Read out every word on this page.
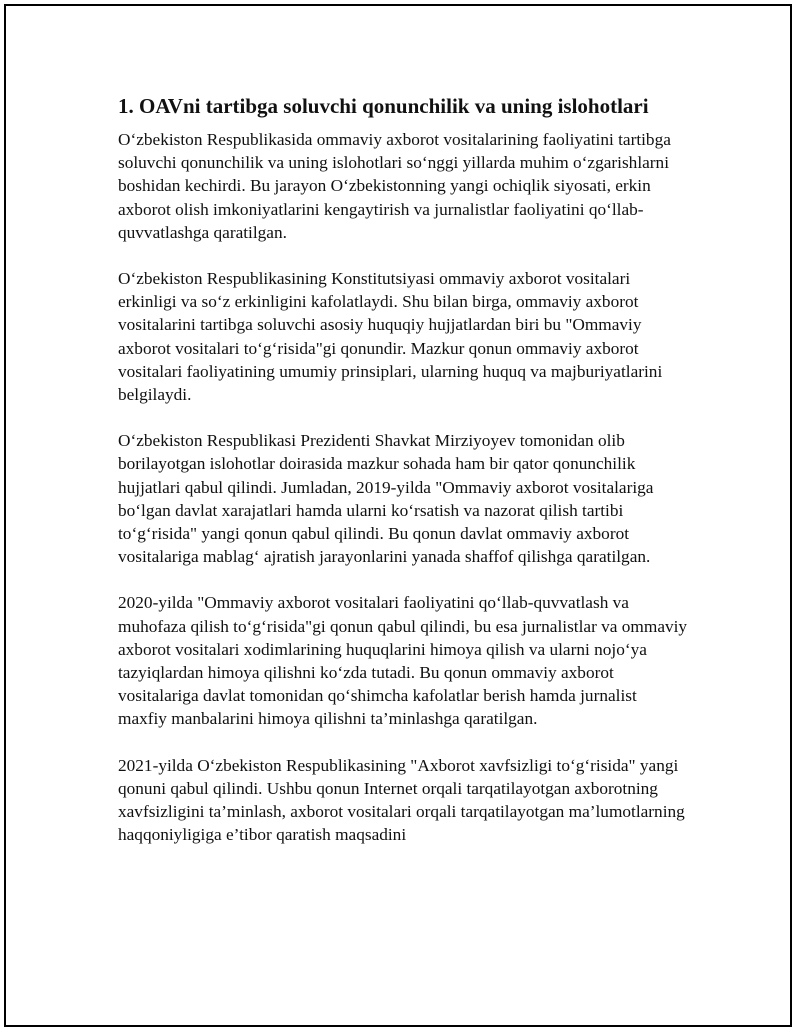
1. OAVni tartibga soluvchi qonunchilik va uning islohotlari

O‘zbekiston Respublikasida ommaviy axborot vositalarining faoliyatini tartibga soluvchi qonunchilik va uning islohotlari so‘nggi yillarda muhim o‘zgarishlarni boshidan kechirdi. Bu jarayon O‘zbekistonning yangi ochiqlik siyosati, erkin axborot olish imkoniyatlarini kengaytirish va jurnalistlar faoliyatini qo‘llab-quvvatlashga qaratilgan.

O‘zbekiston Respublikasining Konstitutsiyasi ommaviy axborot vositalari erkinligi va so‘z erkinligini kafolatlaydi. Shu bilan birga, ommaviy axborot vositalarini tartibga soluvchi asosiy huquqiy hujjatlardan biri bu "Ommaviy axborot vositalari to‘g‘risida"gi qonundir. Mazkur qonun ommaviy axborot vositalari faoliyatining umumiy prinsiplari, ularning huquq va majburiyatlarini belgilaydi.

O‘zbekiston Respublikasi Prezidenti Shavkat Mirziyoyev tomonidan olib borilayotgan islohotlar doirasida mazkur sohada ham bir qator qonunchilik hujjatlari qabul qilindi. Jumladan, 2019-yilda "Ommaviy axborot vositalariga bo‘lgan davlat xarajatlari hamda ularni ko‘rsatish va nazorat qilish tartibi to‘g‘risida" yangi qonun qabul qilindi. Bu qonun davlat ommaviy axborot vositalariga mablag‘ ajratish jarayonlarini yanada shaffof qilishga qaratilgan.

2020-yilda "Ommaviy axborot vositalari faoliyatini qo‘llab-quvvatlash va muhofaza qilish to‘g‘risida"gi qonun qabul qilindi, bu esa jurnalistlar va ommaviy axborot vositalari xodimlarining huquqlarini himoya qilish va ularni nojo‘ya tazyiqlardan himoya qilishni ko‘zda tutadi. Bu qonun ommaviy axborot vositalariga davlat tomonidan qo‘shimcha kafolatlar berish hamda jurnalist maxfiy manbalarini himoya qilishni ta’minlashga qaratilgan.

2021-yilda O‘zbekiston Respublikasining "Axborot xavfsizligi to‘g‘risida" yangi qonuni qabul qilindi. Ushbu qonun Internet orqali tarqatilayotgan axborotning xavfsizligini ta’minlash, axborot vositalari orqali tarqatilayotgan ma’lumotlarning haqqoniyligiga e’tibor qaratish maqsadini
